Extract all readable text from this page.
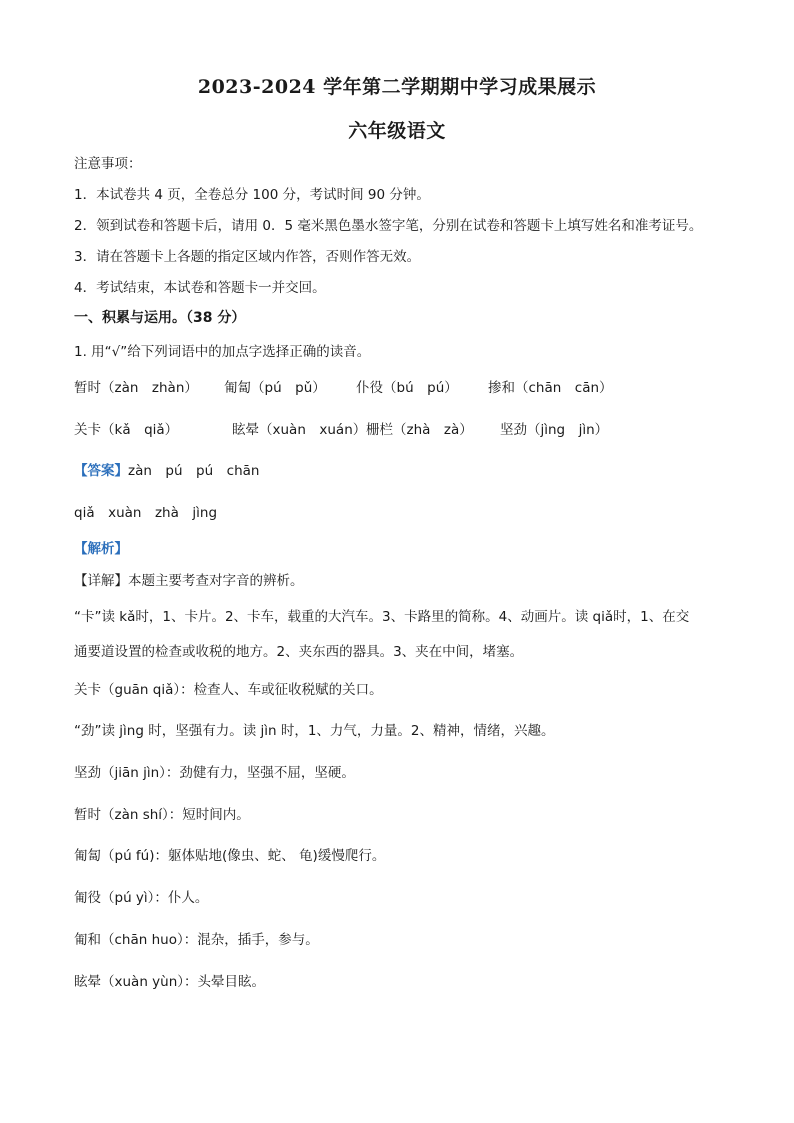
2023-2024 学年第二学期期中学习成果展示
六年级语文
注意事项：
1．本试卷共 4 页，全卷总分 100 分，考试时间 90 分钟。
2．领到试卷和答题卡后，请用 0．5 毫米黑色墨水签字笔，分别在试卷和答题卡上填写姓名和准考证号。
3．请在答题卡上各题的指定区域内作答，否则作答无效。
4．考试结束，本试卷和答题卡一并交回。
一、积累与运用。（38 分）
1. 用“√”给下列词语中的加点字选择正确的读音。
暂时（zàn　zhàn） 匍匐（pú　pǔ） 仆役（bú　pú） 掺和（chān　cān）
关卡（kǎ　qiǎ）	眩晕（xuàn　xuán）栅栏（zhà　zà） 坚劲（jìng　jìn）
【答案】zàn　pú　pú　chān
qiǎ　xuàn　zhà　jìng
【解析】
【详解】本题主要考查对字音的辨析。
“卡”读 kǎ时，1、卡片。2、卡车，载重的大汽车。3、卡路里的简称。4、动画片。读 qiǎ时，1、在交
通要道设置的检查或收税的地方。2、夹东西的器具。3、夹在中间，堵塞。
关卡（guān qiǎ）：检查人、车或征收税赋的关口。
“劲”读 jìng 时，坚强有力。读 jìn 时，1、力气，力量。2、精神，情绪，兴趣。
坚劲（jiān jìn）：劲健有力，坚强不屈，坚硬。
暂时（zàn shí）：短时间内。
匍匐（pú fú)：躯体贴地(像虫、蛇、 龟)缓慢爬行。
匍役（pú yì）：仆人。
匍和（chān huo）：混杂，插手，参与。
眩晕（xuàn yùn）：头晕目眩。
